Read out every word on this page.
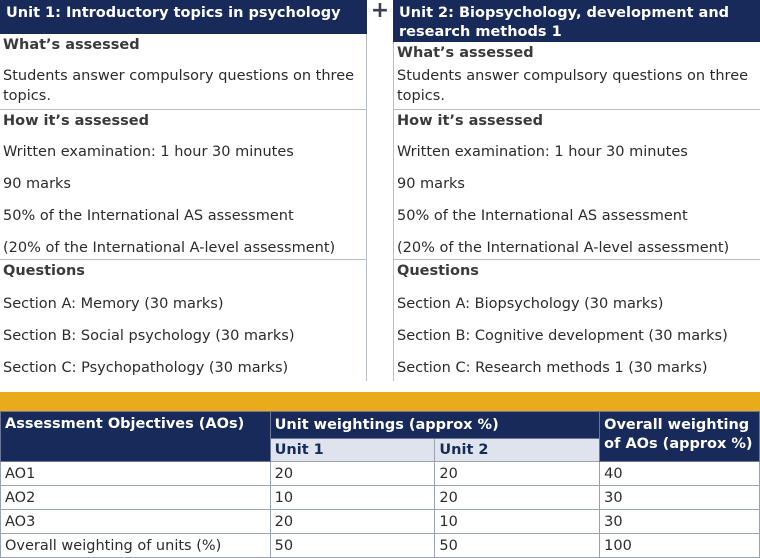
Unit 1: Introductory topics in psychology
What’s assessed
Students answer compulsory questions on three topics.
How it’s assessed
Written examination: 1 hour 30 minutes
90 marks
50% of the International AS assessment
(20% of the International A-level assessment)
Questions
Section A: Memory (30 marks)
Section B: Social psychology (30 marks)
Section C: Psychopathology (30 marks)
+ Unit 2: Biopsychology, development and research methods 1
What’s assessed
Students answer compulsory questions on three topics.
How it’s assessed
Written examination: 1 hour 30 minutes
90 marks
50% of the International AS assessment
(20% of the International A-level assessment)
Questions
Section A: Biopsychology (30 marks)
Section B: Cognitive development (30 marks)
Section C: Research methods 1 (30 marks)
Assessment Objectives (AOs)	Unit weightings (approx %)		Overall weighting of AOs (approx %)
	Unit 1	Unit 2	
AO1	20	20	40
AO2	10	20	30
AO3	20	10	30
Overall weighting of units (%)	50	50	100
